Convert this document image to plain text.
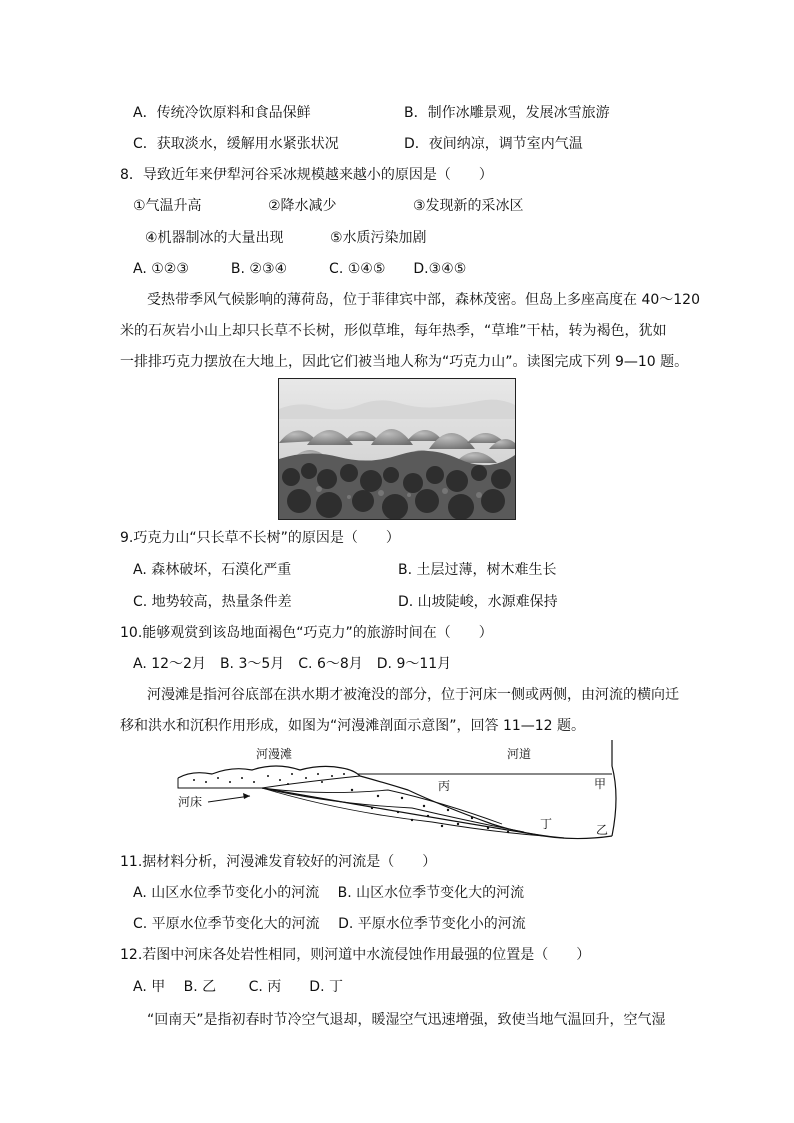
A．传统冷饮原料和食品保鲜	B．制作冰雕景观，发展冰雪旅游
C．获取淡水，缓解用水紧张状况	D．夜间纳凉，调节室内气温
8．导致近年来伊犁河谷采冰规模越来越小的原因是（　　）
①气温升高	②降水减少	③发现新的采冰区
④机器制冰的大量出现	⑤水质污染加剧
A. ①②③　　　B. ②③④　　　C. ①④⑤　　D.③④⑤
受热带季风气候影响的薄荷岛，位于菲律宾中部，森林茂密。但岛上多座高度在 40～120
米的石灰岩小山上却只长草不长树，形似草堆，每年热季，“草堆”干枯，转为褐色，犹如
一排排巧克力摆放在大地上，因此它们被当地人称为“巧克力山”。读图完成下列 9—10 题。
9.巧克力山“只长草不长树”的原因是（　　）
A. 森林破坏，石漠化严重	B. 土层过薄，树木难生长
C. 地势较高，热量条件差	D. 山坡陡峻，水源难保持
10.能够观赏到该岛地面褐色“巧克力”的旅游时间在（　　）
A. 12～2月　B. 3～5月　C. 6～8月　D. 9～11月
河漫滩是指河谷底部在洪水期才被淹没的部分，位于河床一侧或两侧，由河流的横向迁
移和洪水和沉积作用形成，如图为“河漫滩剖面示意图”，回答 11—12 题。
河漫滩	河道
河床
丙	甲
丁	乙
11.据材料分析，河漫滩发育较好的河流是（　　）
A. 山区水位季节变化小的河流　 B. 山区水位季节变化大的河流
C. 平原水位季节变化大的河流　 D. 平原水位季节变化小的河流
12.若图中河床各处岩性相同，则河道中水流侵蚀作用最强的位置是（　　）
A. 甲　 B. 乙　　 C. 丙　　D. 丁
“回南天”是指初春时节冷空气退却，暖湿空气迅速增强，致使当地气温回升，空气湿
